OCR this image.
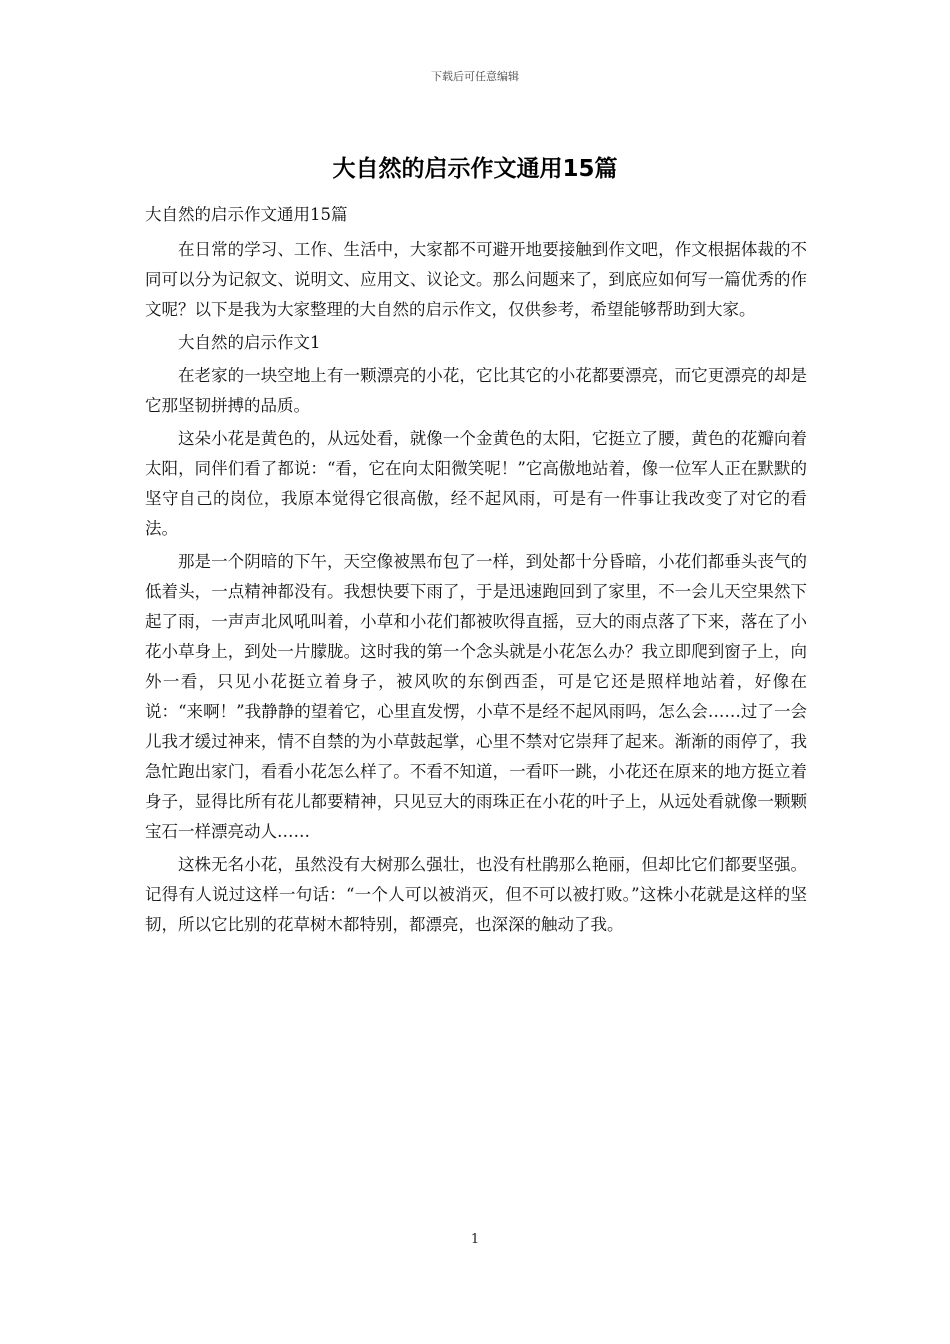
下载后可任意编辑
大自然的启示作文通用15篇

大自然的启示作文通用15篇

在日常的学习、工作、生活中，大家都不可避开地要接触到作文吧，作文根据体裁的不同可以分为记叙文、说明文、应用文、议论文。那么问题来了，到底应如何写一篇优秀的作文呢？以下是我为大家整理的大自然的启示作文，仅供参考，希望能够帮助到大家。

大自然的启示作文1

在老家的一块空地上有一颗漂亮的小花，它比其它的小花都要漂亮，而它更漂亮的却是它那坚韧拼搏的品质。

这朵小花是黄色的，从远处看，就像一个金黄色的太阳，它挺立了腰，黄色的花瓣向着太阳，同伴们看了都说：“看，它在向太阳微笑呢！”它高傲地站着，像一位军人正在默默的坚守自己的岗位，我原本觉得它很高傲，经不起风雨，可是有一件事让我改变了对它的看法。

那是一个阴暗的下午，天空像被黑布包了一样，到处都十分昏暗，小花们都垂头丧气的低着头，一点精神都没有。我想快要下雨了，于是迅速跑回到了家里，不一会儿天空果然下起了雨，一声声北风吼叫着，小草和小花们都被吹得直摇，豆大的雨点落了下来，落在了小花小草身上，到处一片朦胧。这时我的第一个念头就是小花怎么办？我立即爬到窗子上，向外一看，只见小花挺立着身子，被风吹的东倒西歪，可是它还是照样地站着，好像在说：“来啊！”我静静的望着它，心里直发愣，小草不是经不起风雨吗，怎么会……过了一会儿我才缓过神来，情不自禁的为小草鼓起掌，心里不禁对它崇拜了起来。渐渐的雨停了，我急忙跑出家门，看看小花怎么样了。不看不知道，一看吓一跳，小花还在原来的地方挺立着身子，显得比所有花儿都要精神，只见豆大的雨珠正在小花的叶子上，从远处看就像一颗颗宝石一样漂亮动人……

这株无名小花，虽然没有大树那么强壮，也没有杜鹃那么艳丽，但却比它们都要坚强。记得有人说过这样一句话：“一个人可以被消灭，但不可以被打败。”这株小花就是这样的坚韧，所以它比别的花草树木都特别，都漂亮，也深深的触动了我。

1
